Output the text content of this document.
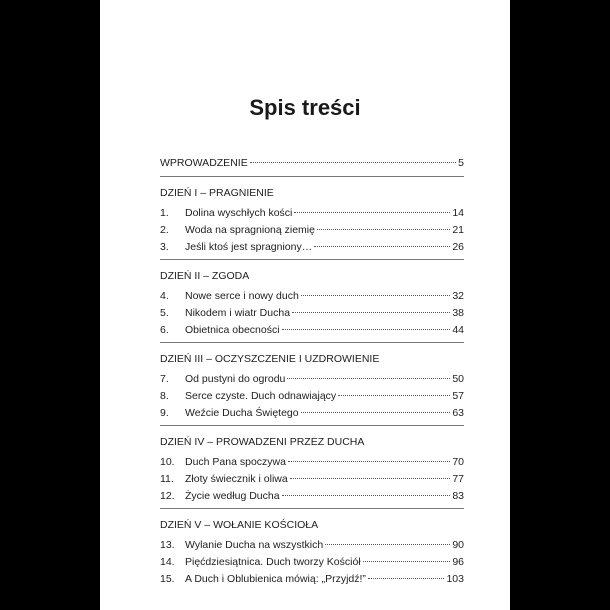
Spis treści
WPROWADZENIE	5
DZIEŃ I – PRAGNIENIE
1.	Dolina wyschłych kości	14
2.	Woda na spragnioną ziemię	21
3.	Jeśli ktoś jest spragniony…	26
DZIEŃ II – ZGODA
4.	Nowe serce i nowy duch	32
5.	Nikodem i wiatr Ducha	38
6.	Obietnica obecności	44
DZIEŃ III – OCZYSZCZENIE I UZDROWIENIE
7.	Od pustyni do ogrodu	50
8.	Serce czyste. Duch odnawiający	57
9.	Weźcie Ducha Świętego	63
DZIEŃ IV – PROWADZENI PRZEZ DUCHA
10. Duch Pana spoczywa	70
11.	Złoty świecznik i oliwa	77
12. Życie według Ducha	83
DZIEŃ V – WOŁANIE KOŚCIOŁA
13. Wylanie Ducha na wszystkich	90
14. Pięćdziesiątnica. Duch tworzy Kościół	96
15. A Duch i Oblubienica mówią: „Przyjdź!”	103
